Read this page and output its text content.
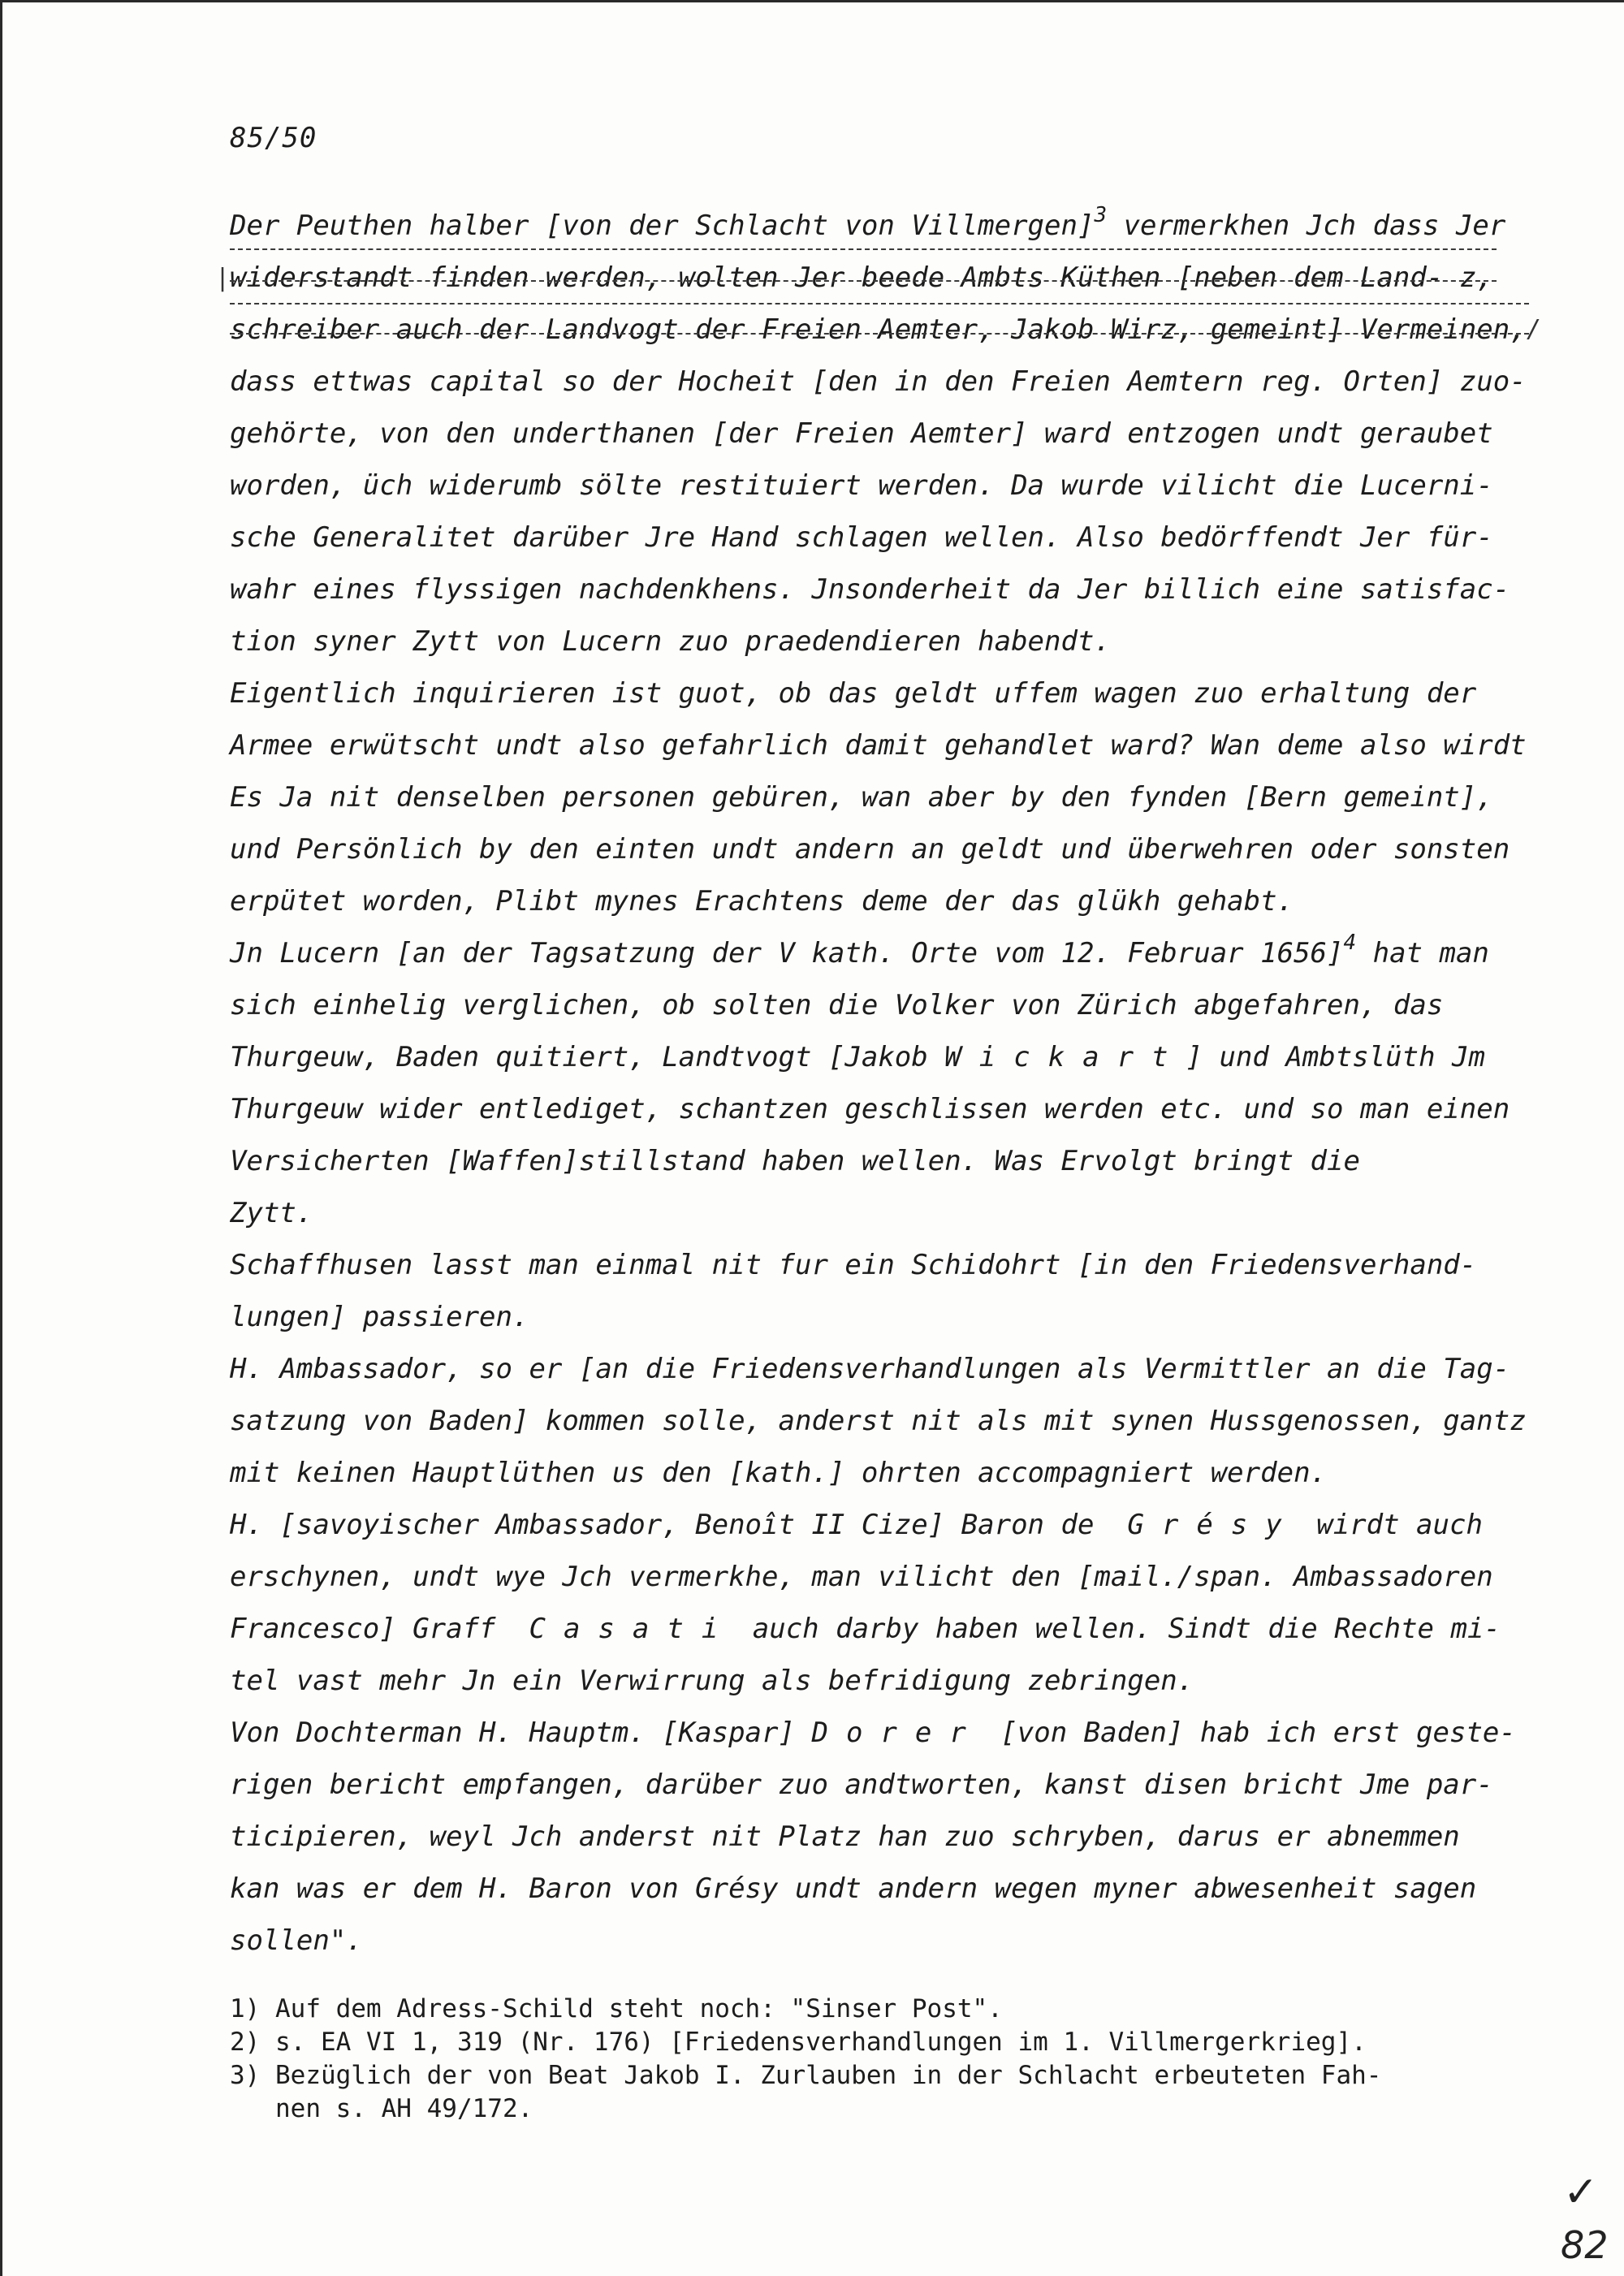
85/50
Der Peuthen halber [von der Schlacht von Villmergen]$^3$ vermerkhen Jch dass Jer
widerstandt finden werden, wolten Jer beede Ambts Küthen [neben dem Land- z,
schreiber auch der Landvogt der Freien Aemter, Jakob Wirz, gemeint] Vermeinen,
dass ettwas capital so der Hocheit [den in den Freien Aemtern reg. Orten] zuo-
gehörte, von den underthanen [der Freien Aemter] ward entzogen undt geraubet
worden, üch widerumb sölte restituiert werden. Da wurde vilicht die Lucerni-
sche Generalitet darüber Jre Hand schlagen wellen. Also bedörffendt Jer für-
wahr eines flyssigen nachdenkhens. Jnsonderheit da Jer billich eine satisfac-
tion syner Zytt von Lucern zuo praedendieren habendt.
Eigentlich inquirieren ist guot, ob das geldt uffem wagen zuo erhaltung der
Armee erwütscht undt also gefahrlich damit gehandlet ward? Wan deme also wirdt
Es Ja nit denselben personen gebüren, wan aber by den fynden [Bern gemeint],
und Persönlich by den einten undt andern an geldt und überwehren oder sonsten
erpütet worden, Plibt mynes Erachtens deme der das glükh gehabt.
Jn Lucern [an der Tagsatzung der V kath. Orte vom 12. Februar 1656]$^4$ hat man
sich einhelig verglichen, ob solten die Volker von Zürich abgefahren, das
Thurgeuw, Baden quitiert, Landtvogt [Jakob Wickart] und Ambtslüth Jm
Thurgeuw wider entlediget, schantzen geschlissen werden etc. und so man einen
Versicherten [Waffen]stillstand haben wellen. Was Ervolgt bringt die
Zytt.
Schaffhusen lasst man einmal nit fur ein Schidohrt [in den Friedensverhand-
lungen] passieren.
H. Ambassador, so er [an die Friedensverhandlungen als Vermittler an die Tag-
satzung von Baden] kommen solle, anderst nit als mit synen Hussgenossen, gantz
mit keinen Hauptlüthen us den [kath.] ohrten accompagniert werden.
H. [savoyischer Ambassador, Benoît II Cize] Baron de Grésy wirdt auch
erschynen, undt wye Jch vermerkhe, man vilicht den [mail./span. Ambassadoren
Francesco] Graff Casati auch darby haben wellen. Sindt die Rechte mi-
tel vast mehr Jn ein Verwirrung als befridigung zebringen.
Von Dochterman H. Hauptm. [Kaspar] Dorer [von Baden] hab ich erst geste-
rigen bericht empfangen, darüber zuo andtworten, kanst disen bricht Jme par-
ticipieren, weyl Jch anderst nit Platz han zuo schryben, darus er abnemmen
kan was er dem H. Baron von Grésy undt andern wegen myner abwesenheit sagen
sollen".
|
/
1) Auf dem Adress-Schild steht noch: "Sinser Post".
2) s. EA VI 1, 319 (Nr. 176) [Friedensverhandlungen im 1. Villmergerkrieg].
3) Bezüglich der von Beat Jakob I. Zurlauben in der Schlacht erbeuteten Fah-
nen s. AH 49/172.
✓
82
